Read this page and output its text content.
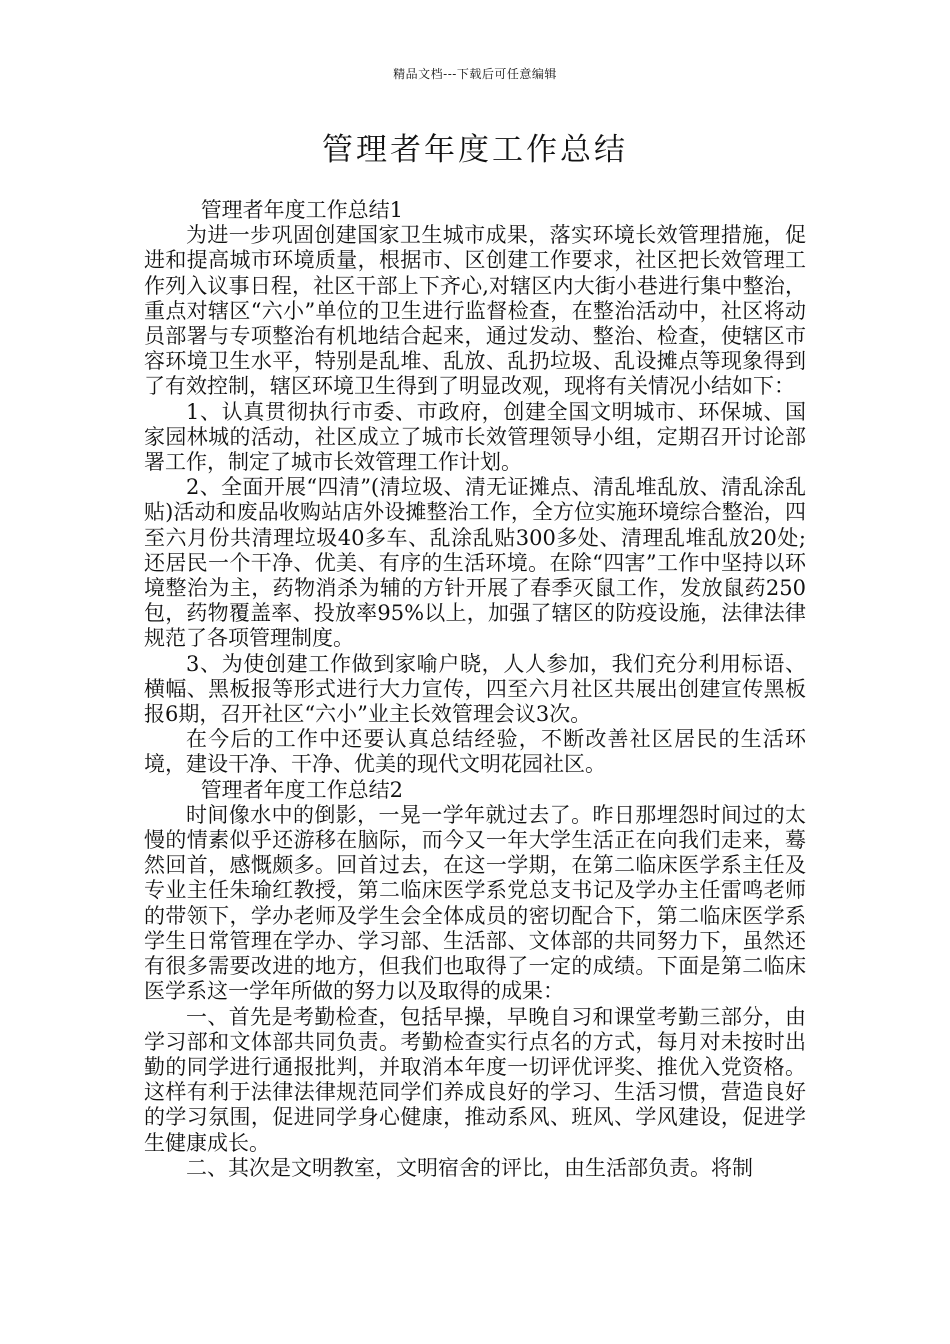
精品文档---下载后可任意编辑
管理者年度工作总结

管理者年度工作总结1

为进一步巩固创建国家卫生城市成果，落实环境长效管理措施，促进和提高城市环境质量，根据市、区创建工作要求，社区把长效管理工作列入议事日程，社区干部上下齐心,对辖区内大街小巷进行集中整治，重点对辖区“六小”单位的卫生进行监督检查，在整治活动中，社区将动员部署与专项整治有机地结合起来，通过发动、整治、检查，使辖区市容环境卫生水平，特别是乱堆、乱放、乱扔垃圾、乱设摊点等现象得到了有效控制，辖区环境卫生得到了明显改观，现将有关情况小结如下：

1、认真贯彻执行市委、市政府，创建全国文明城市、环保城、国家园林城的活动，社区成立了城市长效管理领导小组，定期召开讨论部署工作，制定了城市长效管理工作计划。

2、全面开展“四清”(清垃圾、清无证摊点、清乱堆乱放、清乱涂乱贴)活动和废品收购站店外设摊整治工作，全方位实施环境综合整治，四至六月份共清理垃圾40多车、乱涂乱贴300多处、清理乱堆乱放20处;还居民一个干净、优美、有序的生活环境。在除“四害”工作中坚持以环境整治为主，药物消杀为辅的方针开展了春季灭鼠工作，发放鼠药250包，药物覆盖率、投放率95%以上，加强了辖区的防疫设施，法律法律规范了各项管理制度。

3、为使创建工作做到家喻户晓，人人参加，我们充分利用标语、横幅、黑板报等形式进行大力宣传，四至六月社区共展出创建宣传黑板报6期，召开社区“六小”业主长效管理会议3次。

在今后的工作中还要认真总结经验，不断改善社区居民的生活环境，建设干净、干净、优美的现代文明花园社区。

管理者年度工作总结2

时间像水中的倒影，一晃一学年就过去了。昨日那埋怨时间过的太慢的情素似乎还游移在脑际，而今又一年大学生活正在向我们走来，蓦然回首，感慨颇多。回首过去，在这一学期，在第二临床医学系主任及专业主任朱瑜红教授，第二临床医学系党总支书记及学办主任雷鸣老师的带领下，学办老师及学生会全体成员的密切配合下，第二临床医学系学生日常管理在学办、学习部、生活部、文体部的共同努力下，虽然还有很多需要改进的地方，但我们也取得了一定的成绩。下面是第二临床医学系这一学年所做的努力以及取得的成果：

一、首先是考勤检查，包括早操，早晚自习和课堂考勤三部分，由学习部和文体部共同负责。考勤检查实行点名的方式，每月对未按时出勤的同学进行通报批判，并取消本年度一切评优评奖、推优入党资格。这样有利于法律法律规范同学们养成良好的学习、生活习惯，营造良好的学习氛围，促进同学身心健康，推动系风、班风、学风建设，促进学生健康成长。

二、其次是文明教室，文明宿舍的评比，由生活部负责。将制
